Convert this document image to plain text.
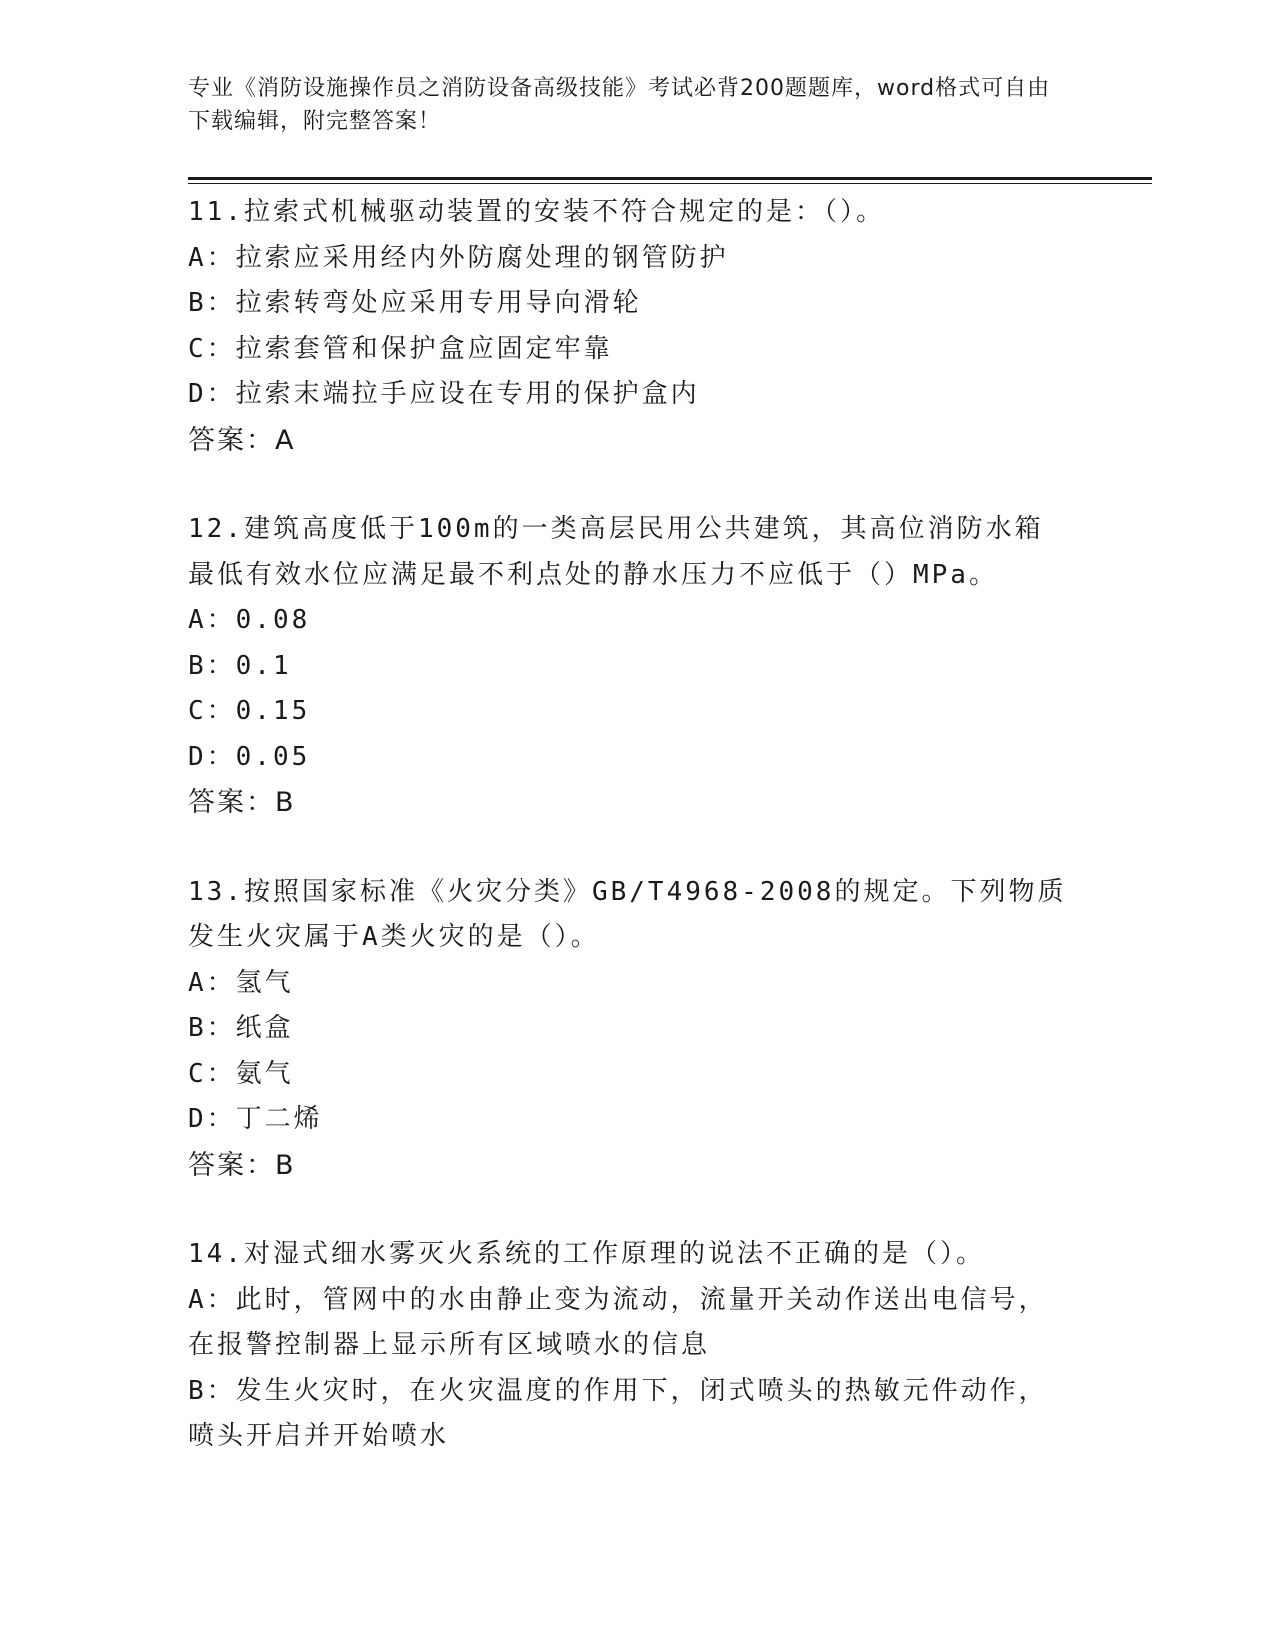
专业《消防设施操作员之消防设备高级技能》考试必背200题题库，word格式可自由下载编辑，附完整答案！
11.拉索式机械驱动装置的安装不符合规定的是：（）。
A：拉索应采用经内外防腐处理的钢管防护
B：拉索转弯处应采用专用导向滑轮
C：拉索套管和保护盒应固定牢靠
D：拉索末端拉手应设在专用的保护盒内
答案：A
12.建筑高度低于100m的一类高层民用公共建筑，其高位消防水箱最低有效水位应满足最不利点处的静水压力不应低于（）MPa。
A：0.08
B：0.1
C：0.15
D：0.05
答案：B
13.按照国家标准《火灾分类》GB/T4968-2008的规定。下列物质发生火灾属于A类火灾的是（）。
A：氢气
B：纸盒
C：氨气
D：丁二烯
答案：B
14.对湿式细水雾灭火系统的工作原理的说法不正确的是（）。
A：此时，管网中的水由静止变为流动，流量开关动作送出电信号，在报警控制器上显示所有区域喷水的信息
B：发生火灾时，在火灾温度的作用下，闭式喷头的热敏元件动作，喷头开启并开始喷水
